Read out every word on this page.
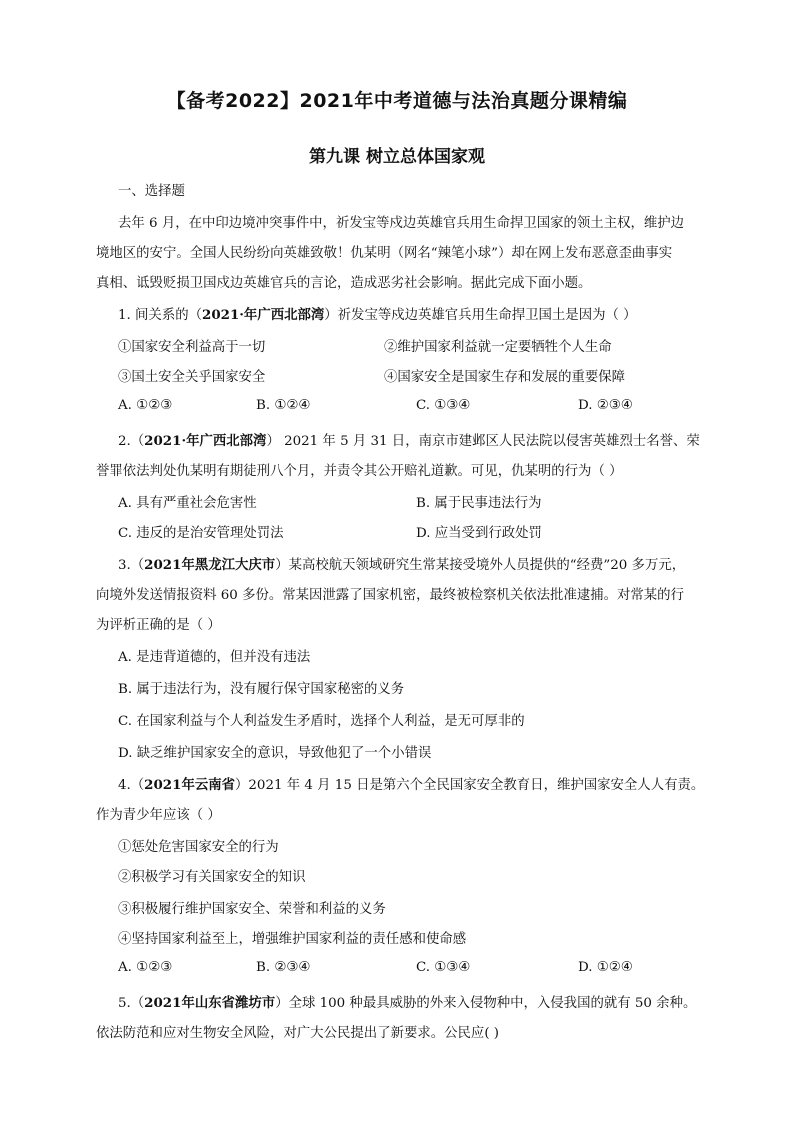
【备考2022】2021年中考道德与法治真题分课精编
第九课 树立总体国家观
一、选择题
去年 6 月，在中印边境冲突事件中，祈发宝等戍边英雄官兵用生命捍卫国家的领土主权，维护边
境地区的安宁。全国人民纷纷向英雄致敬！仇某明（网名“辣笔小球”）却在网上发布恶意歪曲事实
真相、诋毁贬损卫国戍边英雄官兵的言论，造成恶劣社会影响。据此完成下面小题。
1. 间关系的（2021·年广西北部湾）祈发宝等戍边英雄官兵用生命捍卫国土是因为（ ）
①国家安全利益高于一切	②维护国家利益就一定要牺牲个人生命
③国土安全关乎国家安全	④国家安全是国家生存和发展的重要保障
A. ①②③	B. ①②④	C. ①③④	D. ②③④
2.（2021·年广西北部湾） 2021 年 5 月 31 日，南京市建邺区人民法院以侵害英雄烈士名誉、荣
誉罪依法判处仇某明有期徒刑八个月，并责令其公开赔礼道歉。可见，仇某明的行为（ ）
A. 具有严重社会危害性	B. 属于民事违法行为
C. 违反的是治安管理处罚法	D. 应当受到行政处罚
3.（2021年黑龙江大庆市）某高校航天领域研究生常某接受境外人员提供的“经费”20 多万元，
向境外发送情报资料 60 多份。常某因泄露了国家机密，最终被检察机关依法批准逮捕。对常某的行
为评析正确的是（ ）
A. 是违背道德的，但并没有违法
B. 属于违法行为，没有履行保守国家秘密的义务
C. 在国家利益与个人利益发生矛盾时，选择个人利益，是无可厚非的
D. 缺乏维护国家安全的意识，导致他犯了一个小错误
4.（2021年云南省）2021 年 4 月 15 日是第六个全民国家安全教育日，维护国家安全人人有责。
作为青少年应该（ ）
①惩处危害国家安全的行为
②积极学习有关国家安全的知识
③积极履行维护国家安全、荣誉和利益的义务
④坚持国家利益至上，增强维护国家利益的责任感和使命感
A. ①②③	B. ②③④	C. ①③④	D. ①②④
5.（2021年山东省潍坊市）全球 100 种最具威胁的外来入侵物种中，入侵我国的就有 50 余种。
依法防范和应对生物安全风险，对广大公民提出了新要求。公民应( )
